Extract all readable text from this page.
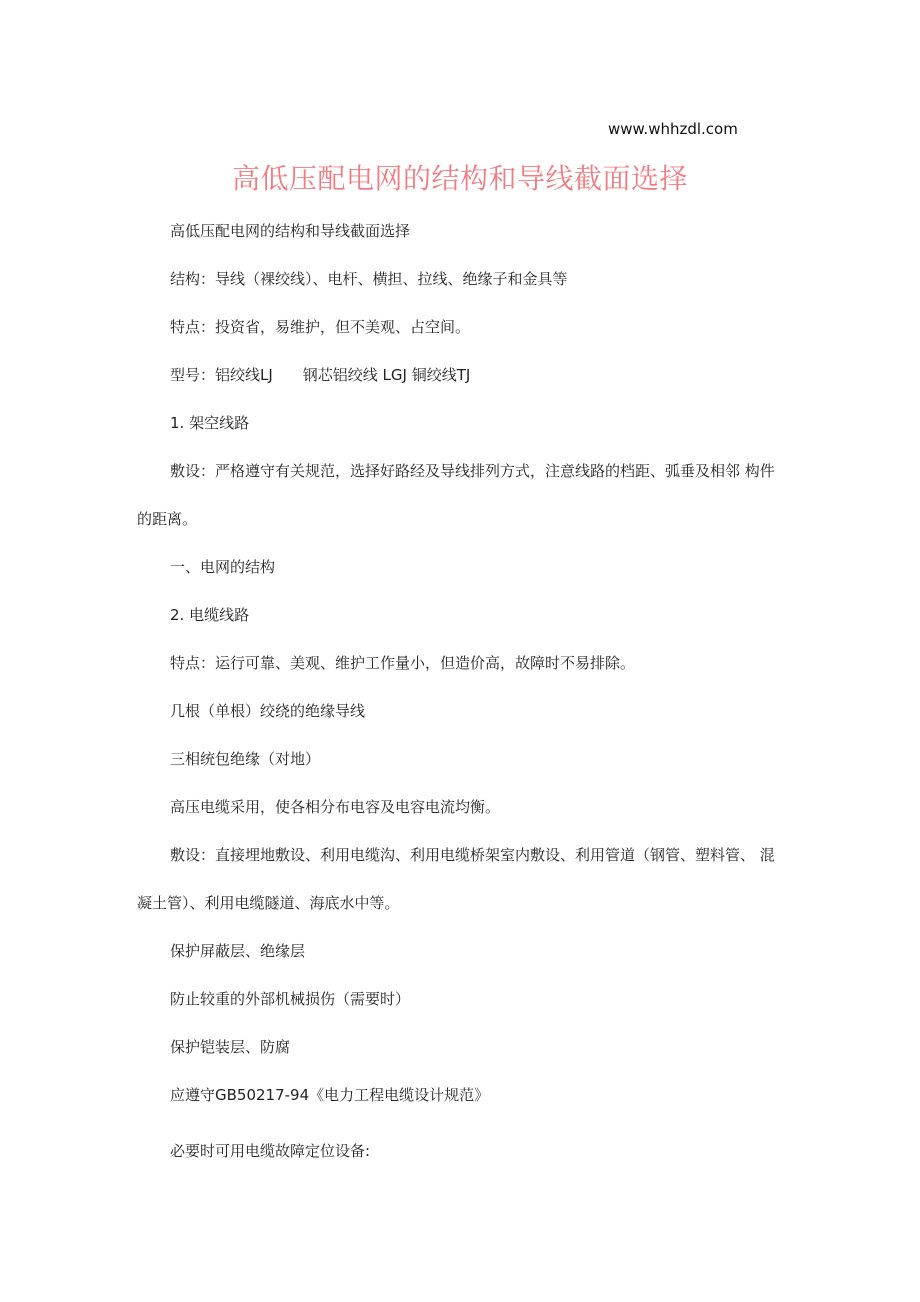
www.whhzdl.com
高低压配电网的结构和导线截面选择
高低压配电网的结构和导线截面选择
结构：导线（裸绞线）、电杆、横担、拉线、绝缘子和金具等
特点：投资省，易维护，但不美观、占空间。
型号：铝绞线LJ　　钢芯铝绞线 LGJ 铜绞线TJ
1. 架空线路
敷设：严格遵守有关规范，选择好路经及导线排列方式，注意线路的档距、弧垂及相邻 构件
的距离。
一、电网的结构
2. 电缆线路
特点：运行可靠、美观、维护工作量小，但造价高，故障时不易排除。
几根（单根）绞绕的绝缘导线
三相统包绝缘（对地）
高压电缆采用，使各相分布电容及电容电流均衡。
敷设：直接埋地敷设、利用电缆沟、利用电缆桥架室内敷设、利用管道（钢管、塑料管、 混
凝土管）、利用电缆隧道、海底水中等。
保护屏蔽层、绝缘层
防止较重的外部机械损伤（需要时）
保护铠装层、防腐
应遵守GB50217-94《电力工程电缆设计规范》
必要时可用电缆故障定位设备:
